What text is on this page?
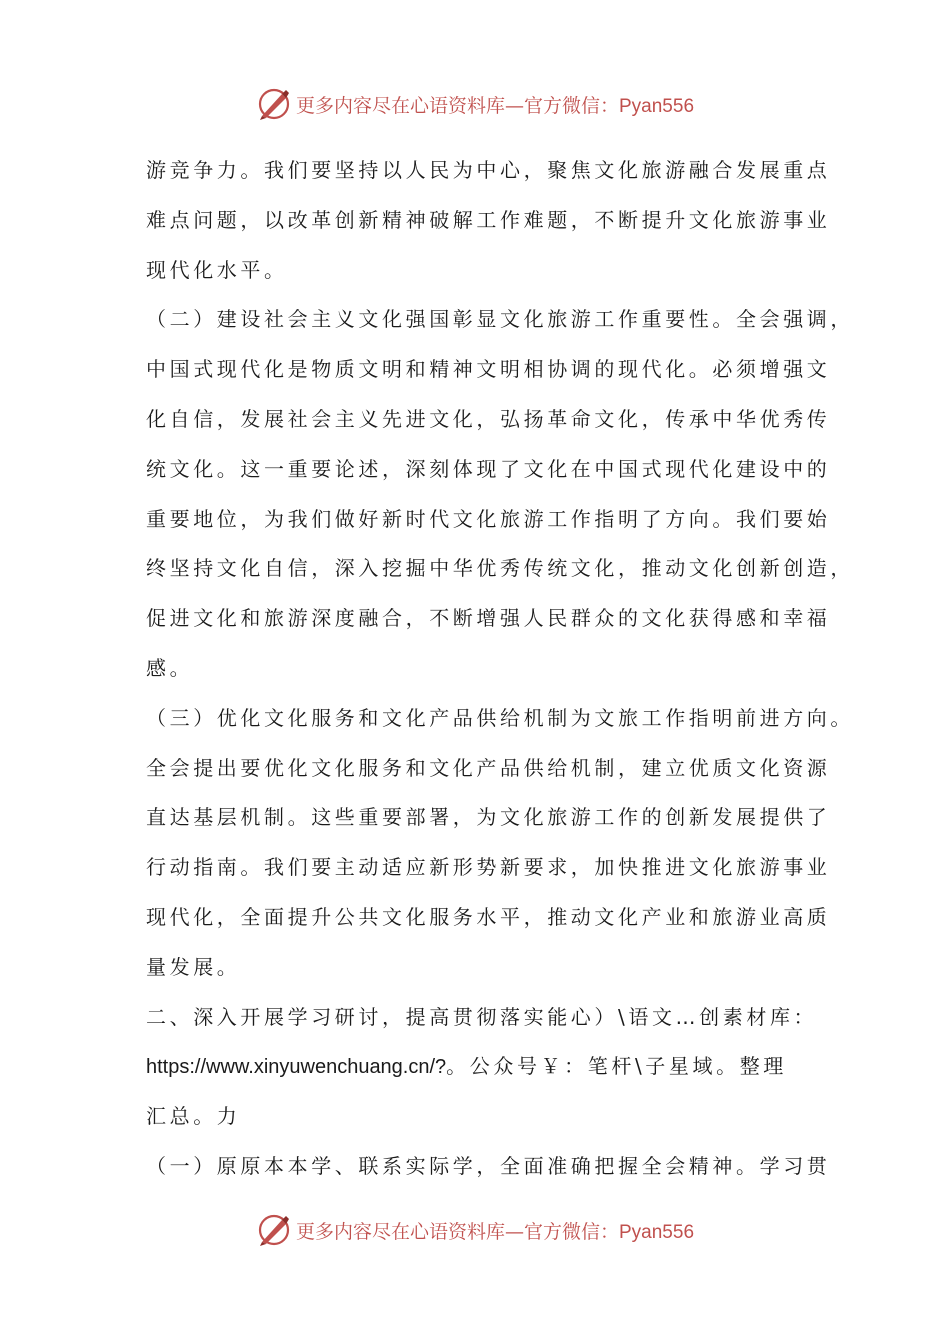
更多内容尽在心语资料库—官方微信：Pyan556
游竞争力。我们要坚持以人民为中心，聚焦文化旅游融合发展重点
难点问题，以改革创新精神破解工作难题，不断提升文化旅游事业
现代化水平。
（二）建设社会主义文化强国彰显文化旅游工作重要性。全会强调，
中国式现代化是物质文明和精神文明相协调的现代化。必须增强文
化自信，发展社会主义先进文化，弘扬革命文化，传承中华优秀传
统文化。这一重要论述，深刻体现了文化在中国式现代化建设中的
重要地位，为我们做好新时代文化旅游工作指明了方向。我们要始
终坚持文化自信，深入挖掘中华优秀传统文化，推动文化创新创造，
促进文化和旅游深度融合，不断增强人民群众的文化获得感和幸福
感。
（三）优化文化服务和文化产品供给机制为文旅工作指明前进方向。
全会提出要优化文化服务和文化产品供给机制，建立优质文化资源
直达基层机制。这些重要部署，为文化旅游工作的创新发展提供了
行动指南。我们要主动适应新形势新要求，加快推进文化旅游事业
现代化，全面提升公共文化服务水平，推动文化产业和旅游业高质
量发展。
二、深入开展学习研讨，提高贯彻落实能心）\语文…创素材库：
https://www.xinyuwenchuang.cn/?。公众号￥：笔杆\子星域。整理
汇总。力
（一）原原本本学、联系实际学，全面准确把握全会精神。学习贯
更多内容尽在心语资料库—官方微信：Pyan556
